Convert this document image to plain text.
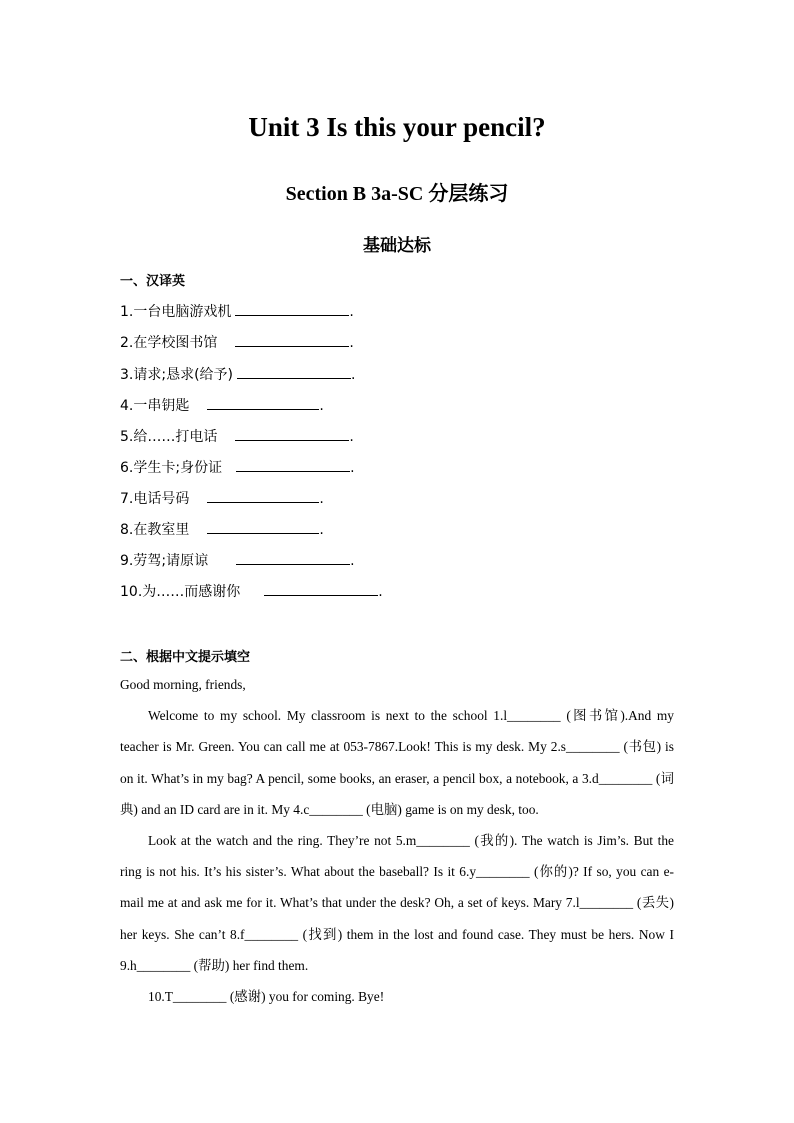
Unit 3 Is this your pencil?
Section B 3a-SC 分层练习
基础达标
一、汉译英
1.一台电脑游戏机	.
2.在学校图书馆	.
3.请求;恳求(给予)	.
4.一串钥匙	.
5.给……打电话	.
6.学生卡;身份证	.
7.电话号码	.
8.在教室里	.
9.劳驾;请原谅	.
10.为……而感谢你	.
二、根据中文提示填空

Good morning, friends,

Welcome to my school. My classroom is next to the school 1.l________ (图书馆).And my teacher is Mr. Green. You can call me at 053-7867.Look! This is my desk. My 2.s________ (书包) is on it. What’s in my bag? A pencil, some books, an eraser, a pencil box, a notebook, a 3.d________ (词典) and an ID card are in it. My 4.c________ (电脑) game is on my desk, too.

Look at the watch and the ring. They’re not 5.m________ (我的). The watch is Jim’s. But the ring is not his. It’s his sister’s. What about the baseball? Is it 6.y________ (你的)? If so, you can e-mail me at and ask me for it. What’s that under the desk? Oh, a set of keys. Mary 7.l________ (丢失) her keys. She can’t 8.f________ (找到) them in the lost and found case. They must be hers. Now I 9.h________ (帮助) her find them.

10.T________ (感谢) you for coming. Bye!
